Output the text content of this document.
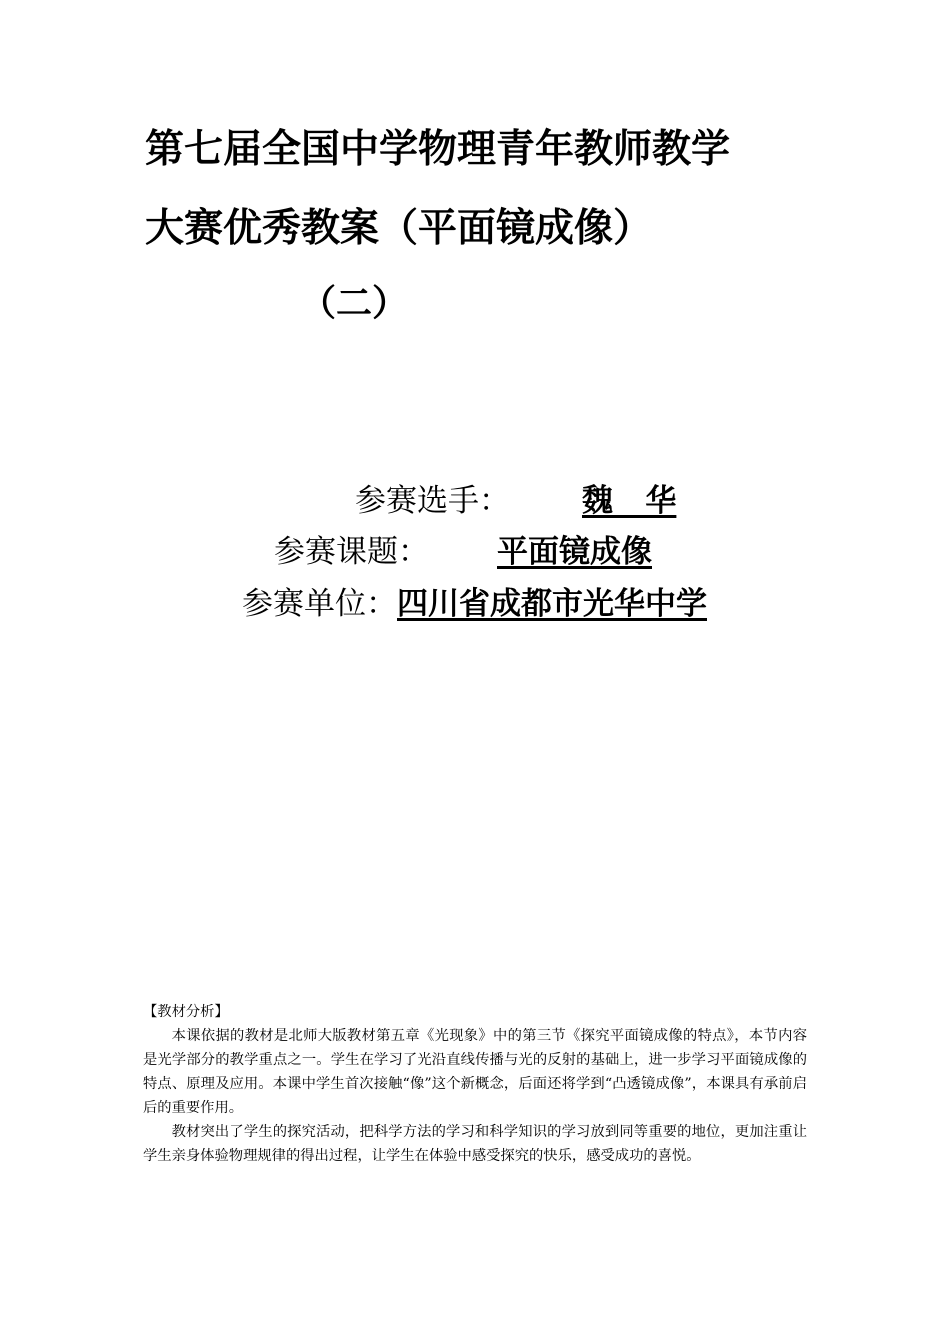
第七届全国中学物理青年教师教学
大赛优秀教案（平面镜成像）
（二）
参赛选手： 魏   华
参赛课题： 平面镜成像
参赛单位：四川省成都市光华中学

【教材分析】

本课依据的教材是北师大版教材第五章《光现象》中的第三节《探究平面镜成像的特点》，本节内容是光学部分的教学重点之一。学生在学习了光沿直线传播与光的反射的基础上，进一步学习平面镜成像的特点、原理及应用。本课中学生首次接触“像”这个新概念，后面还将学到“凸透镜成像”，本课具有承前启后的重要作用。

教材突出了学生的探究活动，把科学方法的学习和科学知识的学习放到同等重要的地位，更加注重让学生亲身体验物理规律的得出过程，让学生在体验中感受探究的快乐，感受成功的喜悦。
